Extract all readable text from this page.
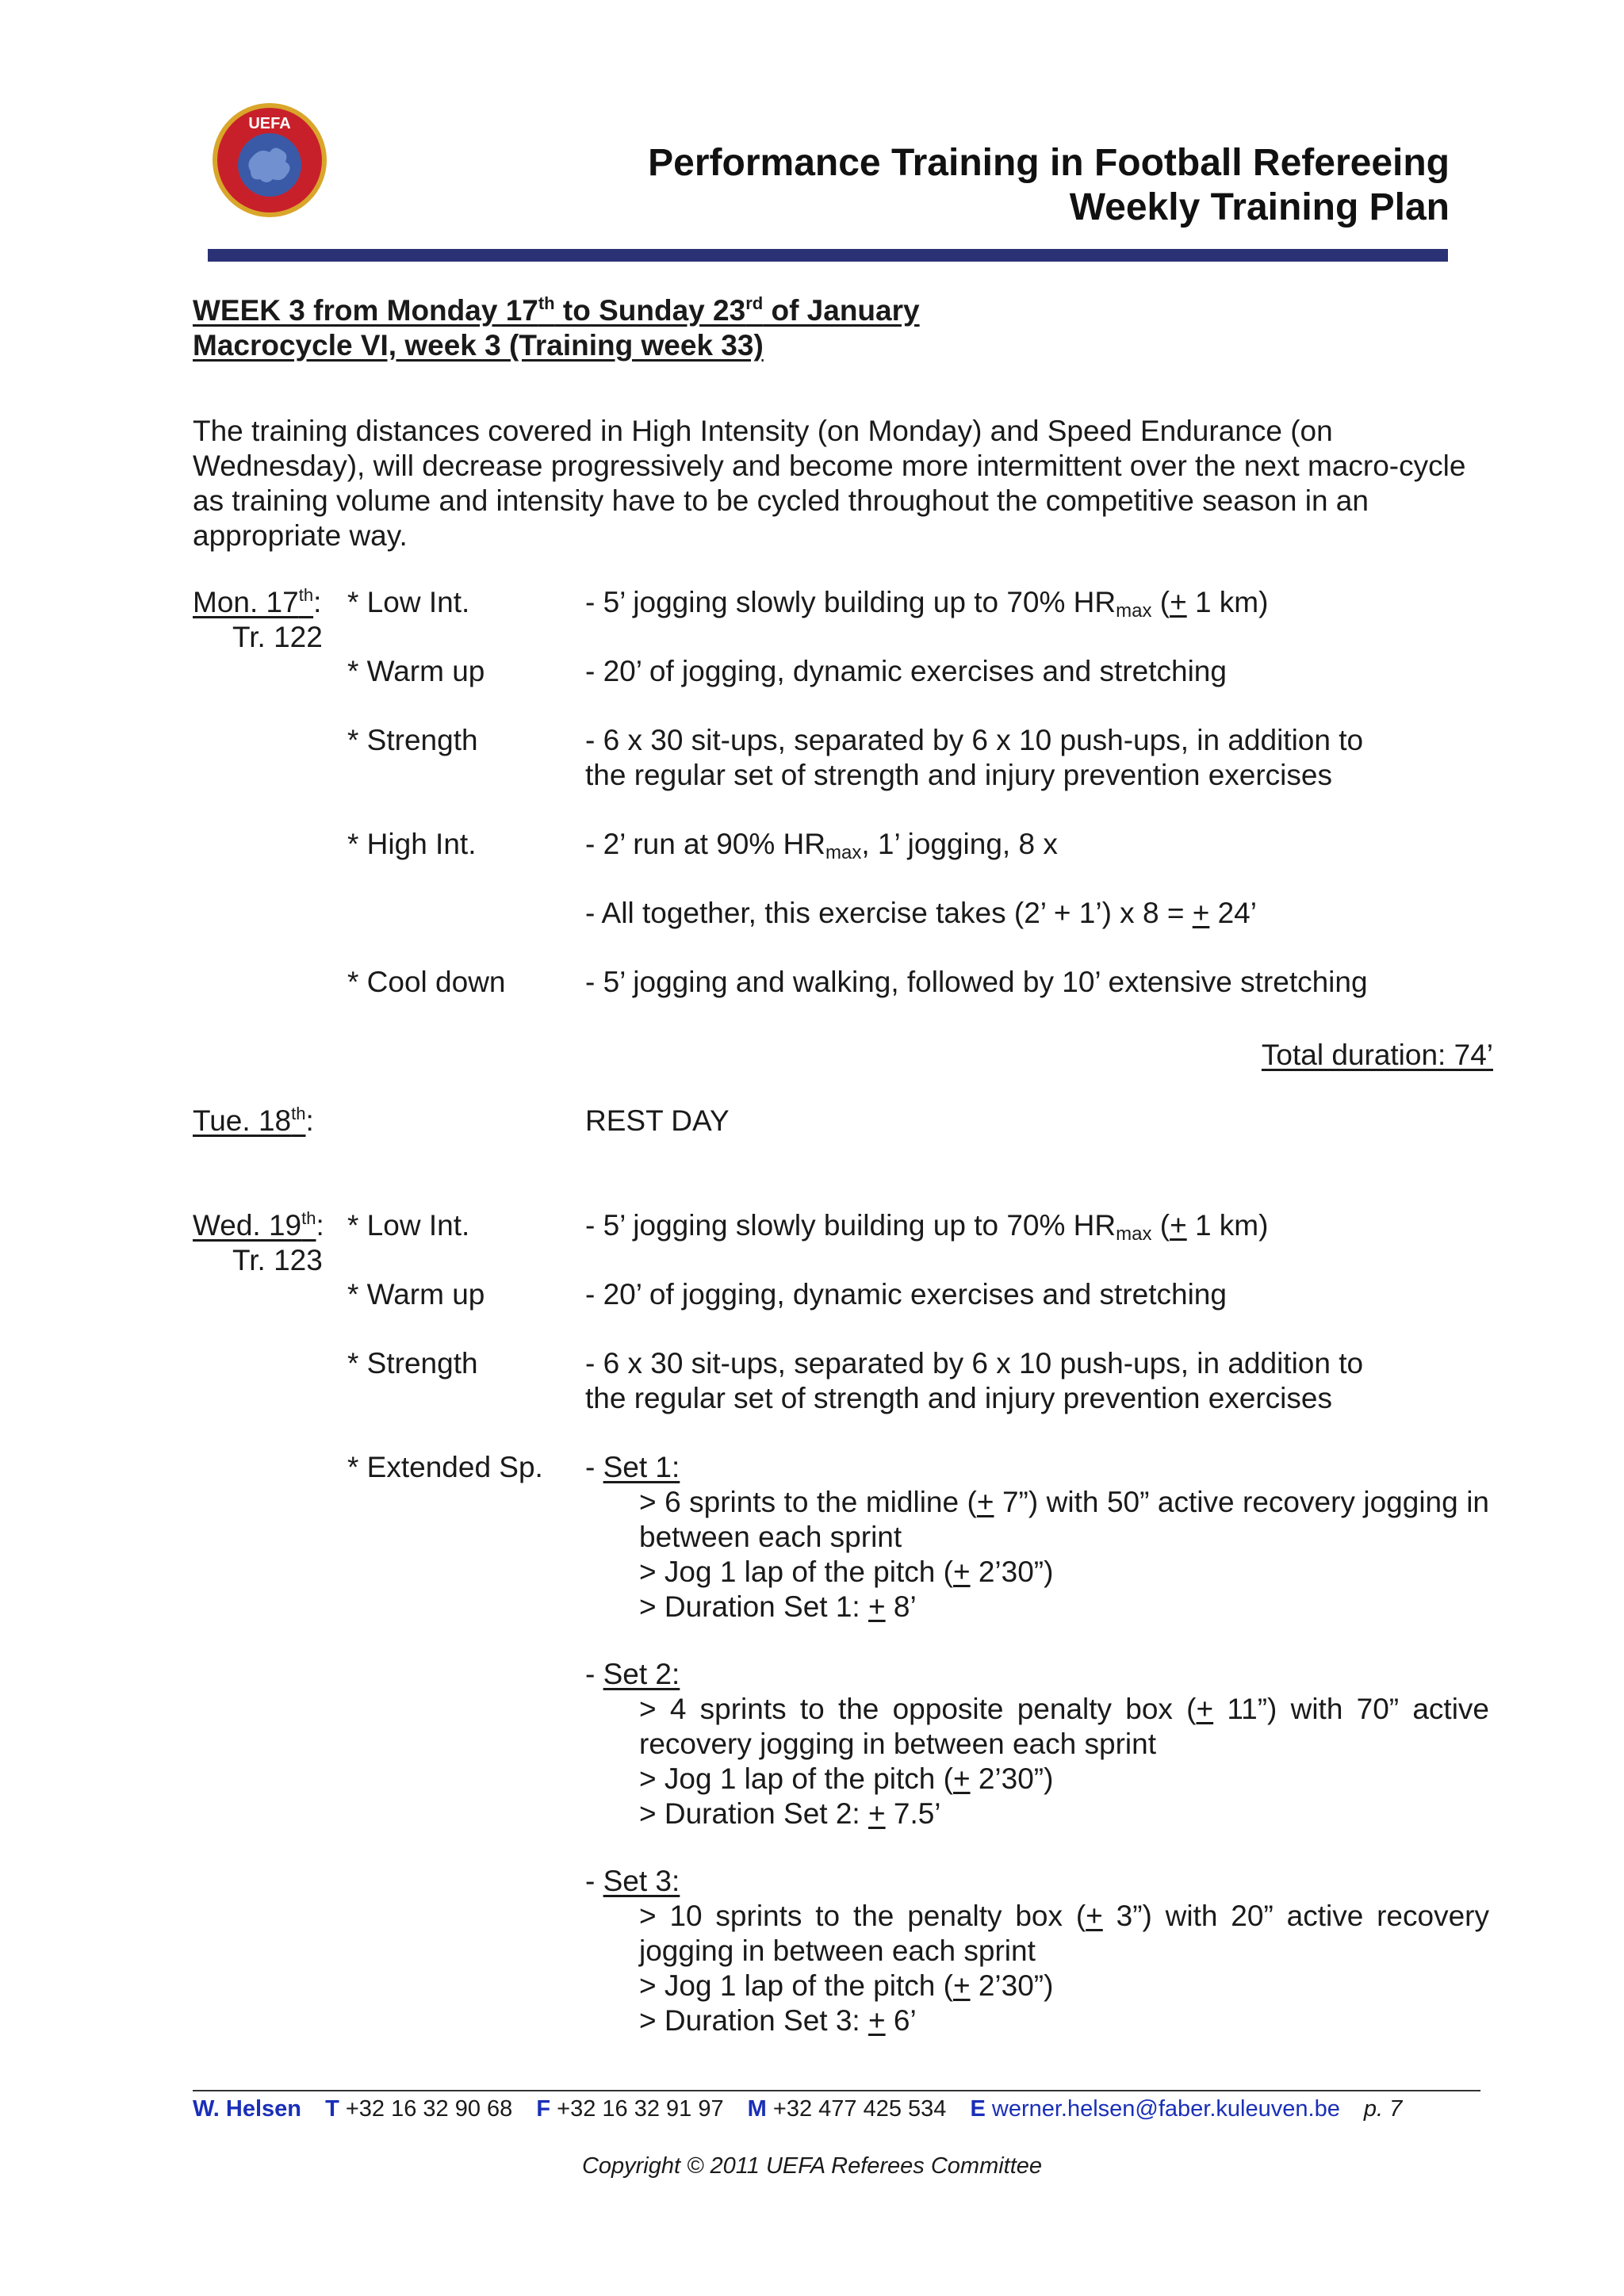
UEFA
Performance Training in Football Refereeing
Weekly Training Plan
WEEK 3 from Monday 17th to Sunday 23rd of January
Macrocycle VI, week 3 (Training week 33)
The training distances covered in High Intensity (on Monday) and Speed Endurance (on Wednesday), will decrease progressively and become more intermittent over the next macro-cycle as training volume and intensity have to be cycled throughout the competitive season in an appropriate way.
Mon. 17th:
Tr. 122
* Low Int.	- 5’ jogging slowly building up to 70% $HR_{max}$ (+ 1 km)
* Warm up	- 20’ of jogging, dynamic exercises and stretching
* Strength	- 6 x 30 sit-ups, separated by 6 x 10 push-ups, in addition to
the regular set of strength and injury prevention exercises
* High Int.	- 2’ run at 90% $HR_{max}$, 1’ jogging, 8 x
- All together, this exercise takes (2’ + 1’) x 8 = + 24’
* Cool down	- 5’ jogging and walking, followed by 10’ extensive stretching
Total duration: 74’
Tue. 18th:	REST DAY
Wed. 19th:
Tr. 123
* Low Int.	- 5’ jogging slowly building up to 70% $HR_{max}$ (+ 1 km)
* Warm up	- 20’ of jogging, dynamic exercises and stretching
* Strength	- 6 x 30 sit-ups, separated by 6 x 10 push-ups, in addition to
the regular set of strength and injury prevention exercises
* Extended Sp. - Set 1:
> 6 sprints to the midline (+ 7”) with 50” active recovery jogging in between each sprint
> Jog 1 lap of the pitch (+ 2’30”)
> Duration Set 1: + 8’
- Set 2:
> 4 sprints to the opposite penalty box (+ 11”) with 70” active recovery jogging in between each sprint
> Jog 1 lap of the pitch (+ 2’30”)
> Duration Set 2: + 7.5’
- Set 3:
> 10 sprints to the penalty box (+ 3”) with 20” active recovery jogging in between each sprint
> Jog 1 lap of the pitch (+ 2’30”)
> Duration Set 3: + 6’
W. Helsen T +32 16 32 90 68 F +32 16 32 91 97 M +32 477 425 534 E werner.helsen@faber.kuleuven.be p. 7
Copyright © 2011 UEFA Referees Committee
